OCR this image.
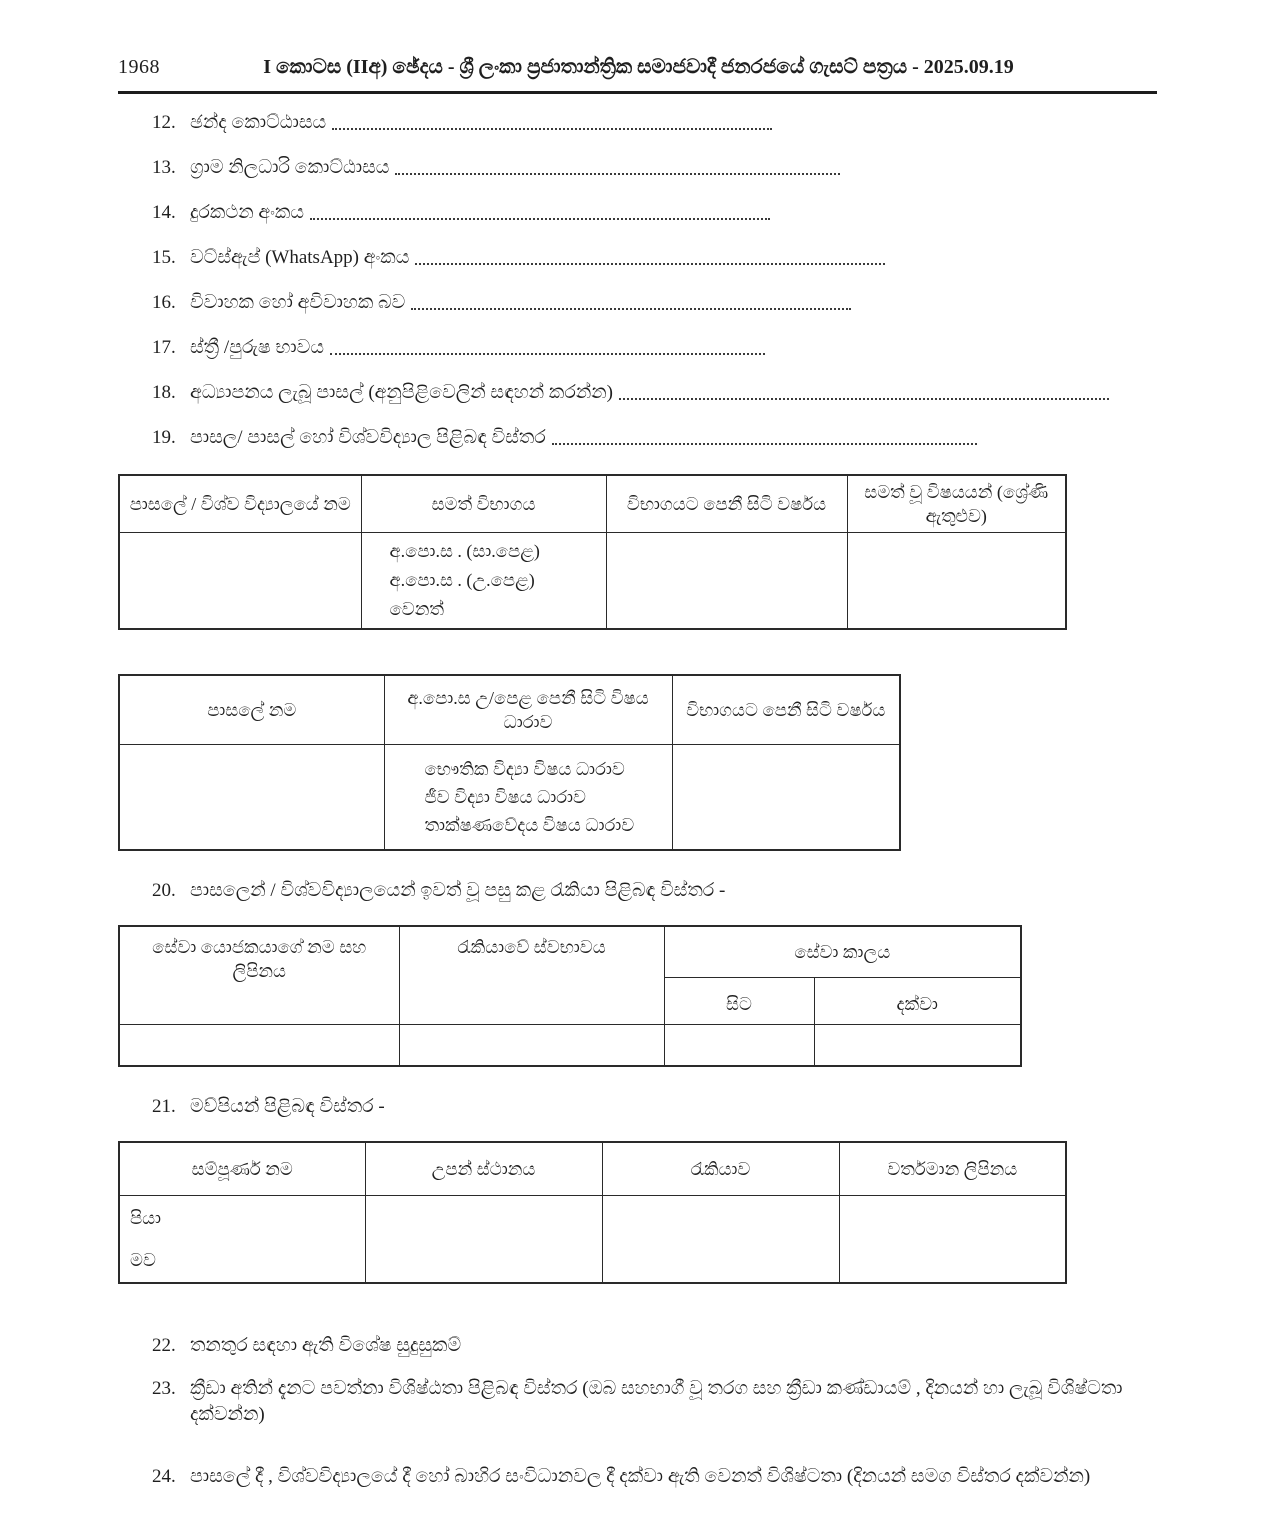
1968	I කොටස (IIඅ) ඡේදය - ශ්‍රී ලංකා ප්‍රජාතාන්ත්‍රික සමාජවාදී ජනරජයේ ගැසට් පත්‍රය - 2025.09.19
12. ඡන්ද කොට්ඨාසය
13. ග්‍රාම නිලධාරි කොට්ඨාසය
14. දුරකථන අංකය
15. වට්ස්ඇප් (WhatsApp) අංකය
16. විවාහක හෝ අවිවාහක බව
17. ස්ත්‍රී /පුරුෂ භාවය
18. අධ්‍යාපනය ලැබූ පාසල් (අනුපිළිවෙලින් සඳහන් කරන්න)
19. පාසල/ පාසල් හෝ විශ්වවිද්‍යාල පිළිබඳ විස්තර
පාසලේ / විශ්ව විද්‍යාලයේ නම	සමත් විභාගය	විභාගයට පෙනී සිටි වර්ෂය	සමත් වූ විෂයයන් (ශ්‍රේණි ඇතුළුව)

	අ.පො.ස . (සා.පෙළ)
අ.පො.ස . (උ.පෙළ)
වෙනත්		

පාසලේ නම	අ.පො.ස උ/පෙළ පෙනී සිටි විෂය ධාරාව	විභාගයට පෙනී සිටි වර්ෂය

	භෞතික විද්‍යා විෂය ධාරාව
ජීව විද්‍යා විෂය ධාරාව
තාක්ෂණවේදය විෂය ධාරාව	

20. පාසලෙන් / විශ්වවිද්‍යාලයෙන් ඉවත් වූ පසු කළ රැකියා පිළිබඳ විස්තර -
සේවා යොජකයාගේ නම සහ ලිපිනය	රැකියාවේ ස්වභාවය	සේවා කාලය	
		සිට	දක්වා

21. මව්පියන් පිළිබඳ විස්තර -
සම්පූර්ණ නම	උපන් ස්ථානය	රැකියාව	වර්තමාන ලිපිනය

පියා
මව			

22. තනතුර සඳහා ඇති විශේෂ සුදුසුකම්
23. ක්‍රීඩා අතින් දැනට පවත්නා විශිෂ්ඨතා පිළිබඳ විස්තර (ඔබ සහභාගී වූ තරග සහ ක්‍රීඩා කණ්ඩායම් , දිනයන් හා ලැබූ විශිෂ්ටතා දක්වන්න)
24. පාසලේ දී , විශ්වවිද්‍යාලයේ දී හෝ බාහිර සංවිධානවල දී දක්වා ඇති වෙනත් විශිෂ්ටතා (දිනයන් සමග විස්තර දක්වන්න)
